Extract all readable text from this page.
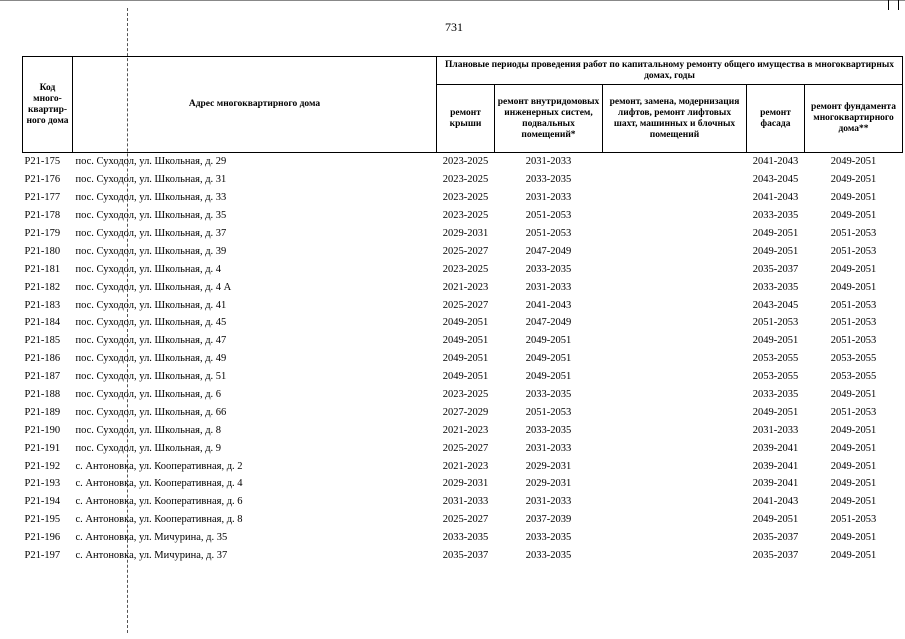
731
Код много-квартир-ного дома	Адрес многоквартирного дома	Плановые периоды проведения работ по капитальному ремонту общего имущества в многоквартирных домах, годы				
		ремонт крыши	ремонт внутридомовых инженерных систем, подвальных помещений*	ремонт, замена, модернизация лифтов, ремонт лифтовых шахт, машинных и блочных помещений	ремонт фасада	ремонт фундамента многоквартирного дома**
P21-175	пос. Суходол, ул. Школьная, д. 29	2023-2025	2031-2033		2041-2043	2049-2051
P21-176	пос. Суходол, ул. Школьная, д. 31	2023-2025	2033-2035		2043-2045	2049-2051
P21-177	пос. Суходол, ул. Школьная, д. 33	2023-2025	2031-2033		2041-2043	2049-2051
P21-178	пос. Суходол, ул. Школьная, д. 35	2023-2025	2051-2053		2033-2035	2049-2051
P21-179	пос. Суходол, ул. Школьная, д. 37	2029-2031	2051-2053		2049-2051	2051-2053
P21-180	пос. Суходол, ул. Школьная, д. 39	2025-2027	2047-2049		2049-2051	2051-2053
P21-181	пос. Суходол, ул. Школьная, д. 4	2023-2025	2033-2035		2035-2037	2049-2051
P21-182	пос. Суходол, ул. Школьная, д. 4 А	2021-2023	2031-2033		2033-2035	2049-2051
P21-183	пос. Суходол, ул. Школьная, д. 41	2025-2027	2041-2043		2043-2045	2051-2053
P21-184	пос. Суходол, ул. Школьная, д. 45	2049-2051	2047-2049		2051-2053	2051-2053
P21-185	пос. Суходол, ул. Школьная, д. 47	2049-2051	2049-2051		2049-2051	2051-2053
P21-186	пос. Суходол, ул. Школьная, д. 49	2049-2051	2049-2051		2053-2055	2053-2055
P21-187	пос. Суходол, ул. Школьная, д. 51	2049-2051	2049-2051		2053-2055	2053-2055
P21-188	пос. Суходол, ул. Школьная, д. 6	2023-2025	2033-2035		2033-2035	2049-2051
P21-189	пос. Суходол, ул. Школьная, д. 66	2027-2029	2051-2053		2049-2051	2051-2053
P21-190	пос. Суходол, ул. Школьная, д. 8	2021-2023	2033-2035		2031-2033	2049-2051
P21-191	пос. Суходол, ул. Школьная, д. 9	2025-2027	2031-2033		2039-2041	2049-2051
P21-192	с. Антоновка, ул. Кооперативная, д. 2	2021-2023	2029-2031		2039-2041	2049-2051
P21-193	с. Антоновка, ул. Кооперативная, д. 4	2029-2031	2029-2031		2039-2041	2049-2051
P21-194	с. Антоновка, ул. Кооперативная, д. 6	2031-2033	2031-2033		2041-2043	2049-2051
P21-195	с. Антоновка, ул. Кооперативная, д. 8	2025-2027	2037-2039		2049-2051	2051-2053
P21-196	с. Антоновка, ул. Мичурина, д. 35	2033-2035	2033-2035		2035-2037	2049-2051
P21-197	с. Антоновка, ул. Мичурина, д. 37	2035-2037	2033-2035		2035-2037	2049-2051
